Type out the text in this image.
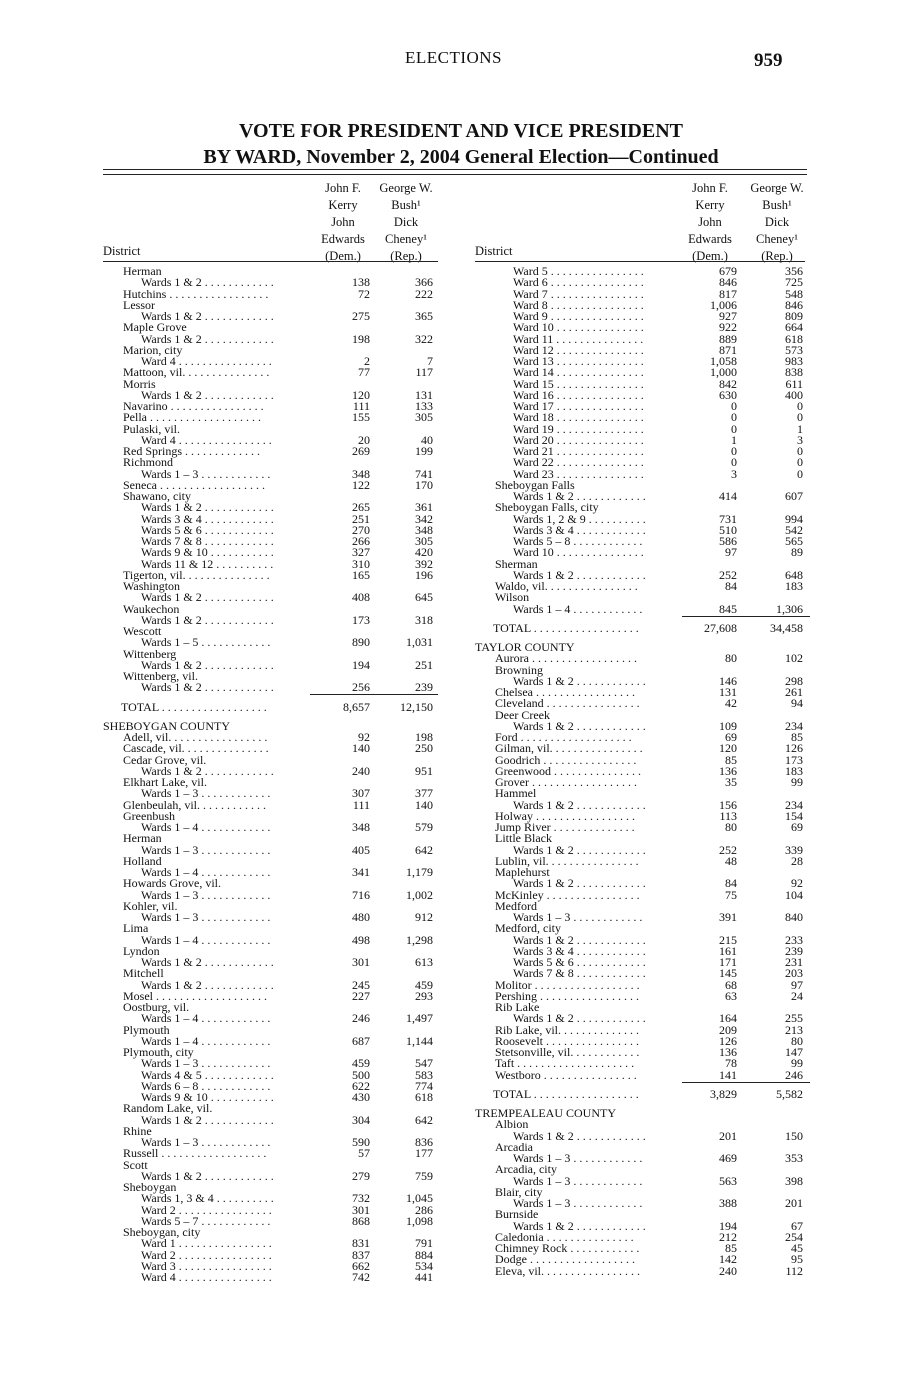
ELECTIONS	959
VOTE FOR PRESIDENT AND VICE PRESIDENT
BY WARD, November 2, 2004 General Election—Continued
District
John F.
Kerry
John
Edwards
(Dem.)
George W.
Bush¹
Dick
Cheney¹
(Rep.)
Herman
Wards 1 & 2 . . . . . . . . . . . .	138	366
Hutchins . . . . . . . . . . . . . . . . .	72	222
Lessor
Wards 1 & 2 . . . . . . . . . . . .	275	365
Maple Grove
Wards 1 & 2 . . . . . . . . . . . .	198	322
Marion, city
Ward 4 . . . . . . . . . . . . . . . .	2	7
Mattoon, vil. . . . . . . . . . . . . . .	77	117
Morris
Wards 1 & 2 . . . . . . . . . . . .	120	131
Navarino . . . . . . . . . . . . . . . .	111	133
Pella . . . . . . . . . . . . . . . . . . .	155	305
Pulaski, vil.
Ward 4 . . . . . . . . . . . . . . . .	20	40
Red Springs . . . . . . . . . . . . .	269	199
Richmond
Wards 1 – 3 . . . . . . . . . . . .	348	741
Seneca . . . . . . . . . . . . . . . . . .	122	170
Shawano, city
Wards 1 & 2 . . . . . . . . . . . .	265	361
Wards 3 & 4 . . . . . . . . . . . .	251	342
Wards 5 & 6 . . . . . . . . . . . .	270	348
Wards 7 & 8 . . . . . . . . . . . .	266	305
Wards 9 & 10 . . . . . . . . . . .	327	420
Wards 11 & 12 . . . . . . . . . .	310	392
Tigerton, vil. . . . . . . . . . . . . . .	165	196
Washington
Wards 1 & 2 . . . . . . . . . . . .	408	645
Waukechon
Wards 1 & 2 . . . . . . . . . . . .	173	318
Wescott
Wards 1 – 5 . . . . . . . . . . . .	890	1,031
Wittenberg
Wards 1 & 2 . . . . . . . . . . . .	194	251
Wittenberg, vil.
Wards 1 & 2 . . . . . . . . . . . .	256	239
TOTAL . . . . . . . . . . . . . . . . . .	8,657	12,150
SHEBOYGAN COUNTY
Adell, vil. . . . . . . . . . . . . . . . .	92	198
Cascade, vil. . . . . . . . . . . . . . .	140	250
Cedar Grove, vil.
Wards 1 & 2 . . . . . . . . . . . .	240	951
Elkhart Lake, vil.
Wards 1 – 3 . . . . . . . . . . . .	307	377
Glenbeulah, vil. . . . . . . . . . . .	111	140
Greenbush
Wards 1 – 4 . . . . . . . . . . . .	348	579
Herman
Wards 1 – 3 . . . . . . . . . . . .	405	642
Holland
Wards 1 – 4 . . . . . . . . . . . .	341	1,179
Howards Grove, vil.
Wards 1 – 3 . . . . . . . . . . . .	716	1,002
Kohler, vil.
Wards 1 – 3 . . . . . . . . . . . .	480	912
Lima
Wards 1 – 4 . . . . . . . . . . . .	498	1,298
Lyndon
Wards 1 & 2 . . . . . . . . . . . .	301	613
Mitchell
Wards 1 & 2 . . . . . . . . . . . .	245	459
Mosel . . . . . . . . . . . . . . . . . . .	227	293
Oostburg, vil.
Wards 1 – 4 . . . . . . . . . . . .	246	1,497
Plymouth
Wards 1 – 4 . . . . . . . . . . . .	687	1,144
Plymouth, city
Wards 1 – 3 . . . . . . . . . . . .	459	547
Wards 4 & 5 . . . . . . . . . . . .	500	583
Wards 6 – 8 . . . . . . . . . . . .	622	774
Wards 9 & 10 . . . . . . . . . . .	430	618
Random Lake, vil.
Wards 1 & 2 . . . . . . . . . . . .	304	642
Rhine
Wards 1 – 3 . . . . . . . . . . . .	590	836
Russell . . . . . . . . . . . . . . . . . .	57	177
Scott
Wards 1 & 2 . . . . . . . . . . . .	279	759
Sheboygan
Wards 1, 3 & 4 . . . . . . . . . .	732	1,045
Ward 2 . . . . . . . . . . . . . . . .	301	286
Wards 5 – 7 . . . . . . . . . . . .	868	1,098
Sheboygan, city
Ward 1 . . . . . . . . . . . . . . . .	831	791
Ward 2 . . . . . . . . . . . . . . . .	837	884
Ward 3 . . . . . . . . . . . . . . . .	662	534
Ward 4 . . . . . . . . . . . . . . . .	742	441
District
John F.
Kerry
John
Edwards
(Dem.)
George W.
Bush¹
Dick
Cheney¹
(Rep.)
Ward 5 . . . . . . . . . . . . . . . .	679	356
Ward 6 . . . . . . . . . . . . . . . .	846	725
Ward 7 . . . . . . . . . . . . . . . .	817	548
Ward 8 . . . . . . . . . . . . . . . .	1,006	846
Ward 9 . . . . . . . . . . . . . . . .	927	809
Ward 10 . . . . . . . . . . . . . . .	922	664
Ward 11 . . . . . . . . . . . . . . .	889	618
Ward 12 . . . . . . . . . . . . . . .	871	573
Ward 13 . . . . . . . . . . . . . . .	1,058	983
Ward 14 . . . . . . . . . . . . . . .	1,000	838
Ward 15 . . . . . . . . . . . . . . .	842	611
Ward 16 . . . . . . . . . . . . . . .	630	400
Ward 17 . . . . . . . . . . . . . . .	0	0
Ward 18 . . . . . . . . . . . . . . .	0	0
Ward 19 . . . . . . . . . . . . . . .	0	1
Ward 20 . . . . . . . . . . . . . . .	1	3
Ward 21 . . . . . . . . . . . . . . .	0	0
Ward 22 . . . . . . . . . . . . . . .	0	0
Ward 23 . . . . . . . . . . . . . . .	3	0
Sheboygan Falls
Wards 1 & 2 . . . . . . . . . . . .	414	607
Sheboygan Falls, city
Wards 1, 2 & 9 . . . . . . . . . .	731	994
Wards 3 & 4 . . . . . . . . . . . .	510	542
Wards 5 – 8 . . . . . . . . . . . .	586	565
Ward 10 . . . . . . . . . . . . . . .	97	89
Sherman
Wards 1 & 2 . . . . . . . . . . . .	252	648
Waldo, vil. . . . . . . . . . . . . . . .	84	183
Wilson
Wards 1 – 4 . . . . . . . . . . . .	845	1,306
TOTAL . . . . . . . . . . . . . . . . . .	27,608	34,458
TAYLOR COUNTY
Aurora . . . . . . . . . . . . . . . . . .	80	102
Browning
Wards 1 & 2 . . . . . . . . . . . .	146	298
Chelsea . . . . . . . . . . . . . . . . .	131	261
Cleveland . . . . . . . . . . . . . . . .	42	94
Deer Creek
Wards 1 & 2 . . . . . . . . . . . .	109	234
Ford . . . . . . . . . . . . . . . . . . .	69	85
Gilman, vil. . . . . . . . . . . . . . . .	120	126
Goodrich . . . . . . . . . . . . . . . .	85	173
Greenwood . . . . . . . . . . . . . . .	136	183
Grover . . . . . . . . . . . . . . . . . .	35	99
Hammel
Wards 1 & 2 . . . . . . . . . . . .	156	234
Holway . . . . . . . . . . . . . . . . .	113	154
Jump River . . . . . . . . . . . . . .	80	69
Little Black
Wards 1 & 2 . . . . . . . . . . . .	252	339
Lublin, vil. . . . . . . . . . . . . . . .	48	28
Maplehurst
Wards 1 & 2 . . . . . . . . . . . .	84	92
McKinley . . . . . . . . . . . . . . . .	75	104
Medford
Wards 1 – 3 . . . . . . . . . . . .	391	840
Medford, city
Wards 1 & 2 . . . . . . . . . . . .	215	233
Wards 3 & 4 . . . . . . . . . . . .	161	239
Wards 5 & 6 . . . . . . . . . . . .	171	231
Wards 7 & 8 . . . . . . . . . . . .	145	203
Molitor . . . . . . . . . . . . . . . . . .	68	97
Pershing . . . . . . . . . . . . . . . . .	63	24
Rib Lake
Wards 1 & 2 . . . . . . . . . . . .	164	255
Rib Lake, vil. . . . . . . . . . . . . .	209	213
Roosevelt . . . . . . . . . . . . . . . .	126	80
Stetsonville, vil. . . . . . . . . . . .	136	147
Taft . . . . . . . . . . . . . . . . . . . .	78	99
Westboro . . . . . . . . . . . . . . . .	141	246
TOTAL . . . . . . . . . . . . . . . . . .	3,829	5,582
TREMPEALEAU COUNTY
Albion
Wards 1 & 2 . . . . . . . . . . . .	201	150
Arcadia
Wards 1 – 3 . . . . . . . . . . . .	469	353
Arcadia, city
Wards 1 – 3 . . . . . . . . . . . .	563	398
Blair, city
Wards 1 – 3 . . . . . . . . . . . .	388	201
Burnside
Wards 1 & 2 . . . . . . . . . . . .	194	67
Caledonia . . . . . . . . . . . . . . .	212	254
Chimney Rock . . . . . . . . . . . .	85	45
Dodge . . . . . . . . . . . . . . . . . .	142	95
Eleva, vil. . . . . . . . . . . . . . . . .	240	112
